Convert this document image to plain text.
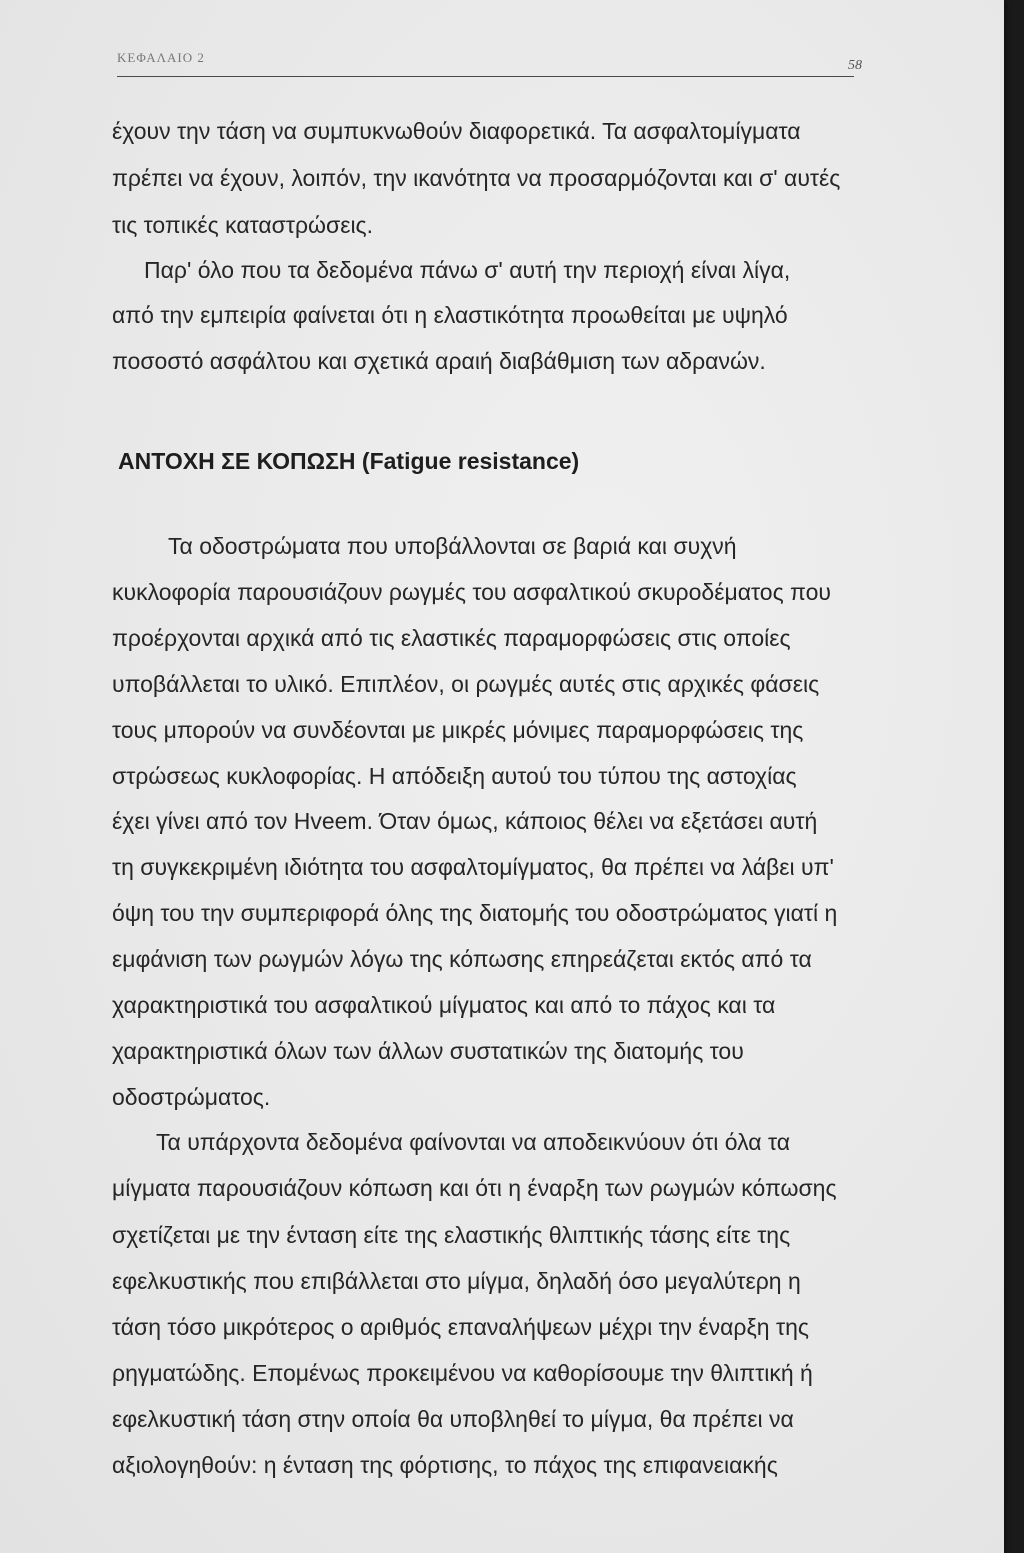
ΚΕΦΑΛΑΙΟ 2
58
έχουν την τάση να συμπυκνωθούν διαφορετικά. Τα ασφαλτομίγματα
πρέπει να έχουν, λοιπόν, την ικανότητα να προσαρμόζονται και σ' αυτές
τις τοπικές καταστρώσεις.
Παρ' όλο που τα δεδομένα πάνω σ' αυτή την περιοχή είναι λίγα,
από την εμπειρία φαίνεται ότι η ελαστικότητα προωθείται με υψηλό
ποσοστό ασφάλτου και σχετικά αραιή διαβάθμιση των αδρανών.
ΑΝΤΟΧΗ ΣΕ ΚΟΠΩΣΗ (Fatigue resistance)
Τα οδοστρώματα που υποβάλλονται σε βαριά και συχνή
κυκλοφορία παρουσιάζουν ρωγμές του ασφαλτικού σκυροδέματος που
προέρχονται αρχικά από τις ελαστικές παραμορφώσεις στις οποίες
υποβάλλεται το υλικό. Επιπλέον, οι ρωγμές αυτές στις αρχικές φάσεις
τους μπορούν να συνδέονται με μικρές μόνιμες παραμορφώσεις της
στρώσεως κυκλοφορίας. Η απόδειξη αυτού του τύπου της αστοχίας
έχει γίνει από τον Hveem. Όταν όμως, κάποιος θέλει να εξετάσει αυτή
τη συγκεκριμένη ιδιότητα του ασφαλτομίγματος, θα πρέπει να λάβει υπ'
όψη του την συμπεριφορά όλης της διατομής του οδοστρώματος γιατί η
εμφάνιση των ρωγμών λόγω της κόπωσης επηρεάζεται εκτός από τα
χαρακτηριστικά του ασφαλτικού μίγματος και από το πάχος και τα
χαρακτηριστικά όλων των άλλων συστατικών της διατομής του
οδοστρώματος.
Τα υπάρχοντα δεδομένα φαίνονται να αποδεικνύουν ότι όλα τα
μίγματα παρουσιάζουν κόπωση και ότι η έναρξη των ρωγμών κόπωσης
σχετίζεται με την ένταση είτε της ελαστικής θλιπτικής τάσης είτε της
εφελκυστικής που επιβάλλεται στο μίγμα, δηλαδή όσο μεγαλύτερη η
τάση τόσο μικρότερος ο αριθμός επαναλήψεων μέχρι την έναρξη της
ρηγματώδης. Επομένως προκειμένου να καθορίσουμε την θλιπτική ή
εφελκυστική τάση στην οποία θα υποβληθεί το μίγμα, θα πρέπει να
αξιολογηθούν: η ένταση της φόρτισης, το πάχος της επιφανειακής
